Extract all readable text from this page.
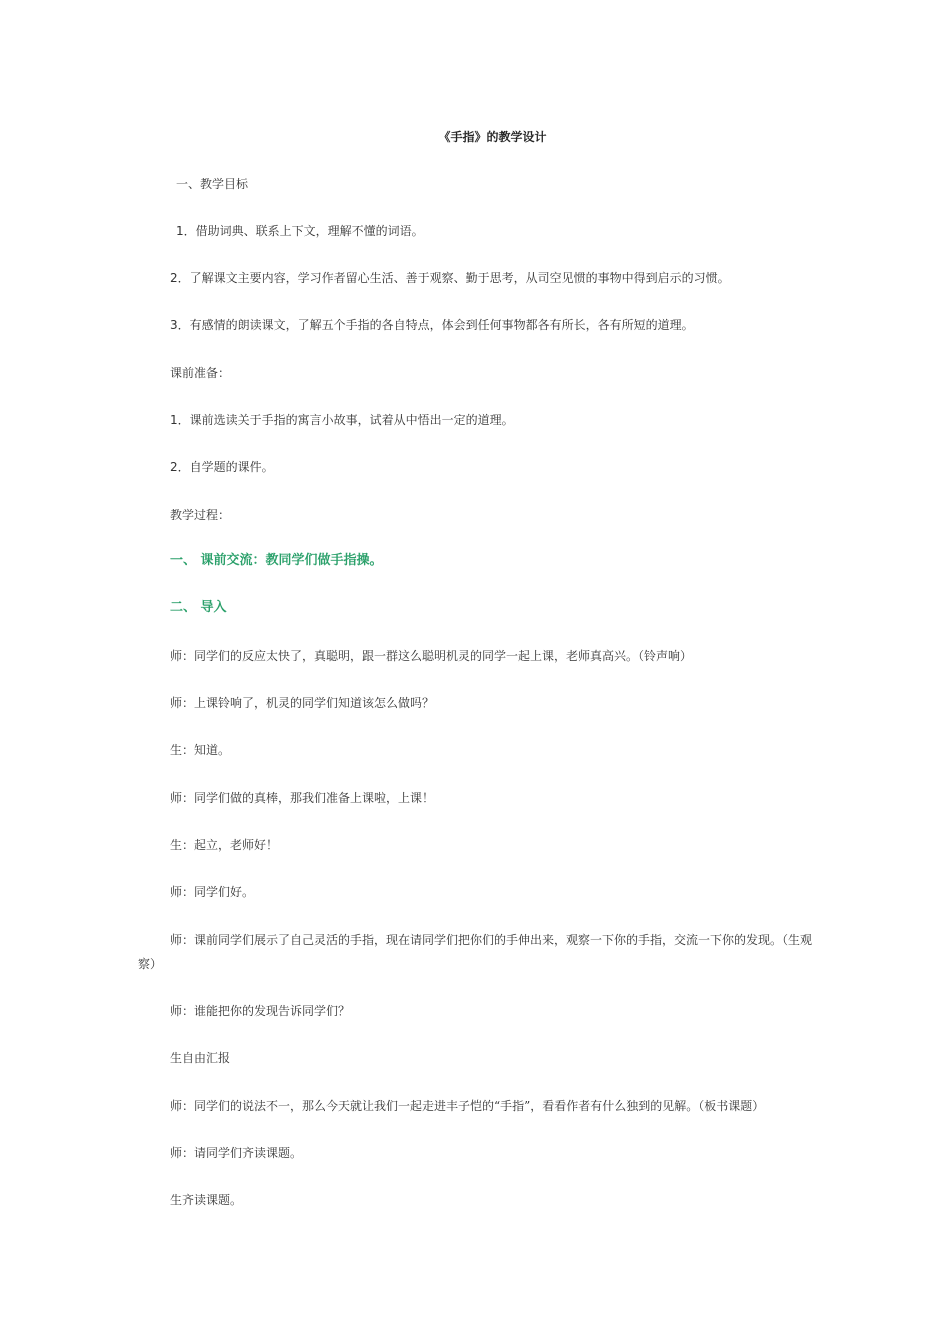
《手指》的教学设计
一、教学目标
1．借助词典、联系上下文，理解不懂的词语。
2．了解课文主要内容，学习作者留心生活、善于观察、勤于思考，从司空见惯的事物中得到启示的习惯。
3．有感情的朗读课文，了解五个手指的各自特点，体会到任何事物都各有所长，各有所短的道理。
课前准备：
1．课前选读关于手指的寓言小故事，试着从中悟出一定的道理。
2．自学题的课件。
教学过程：
一、 课前交流：教同学们做手指操。
二、 导入
师：同学们的反应太快了，真聪明，跟一群这么聪明机灵的同学一起上课，老师真高兴。（铃声响）
师：上课铃响了，机灵的同学们知道该怎么做吗？
生：知道。
师：同学们做的真棒，那我们准备上课啦，上课！
生：起立，老师好！
师：同学们好。
师：课前同学们展示了自己灵活的手指，现在请同学们把你们的手伸出来，观察一下你的手指，交流一下你的发现。（生观察）
师：谁能把你的发现告诉同学们？
生自由汇报
师：同学们的说法不一，那么今天就让我们一起走进丰子恺的“手指”，看看作者有什么独到的见解。（板书课题）
师：请同学们齐读课题。
生齐读课题。
